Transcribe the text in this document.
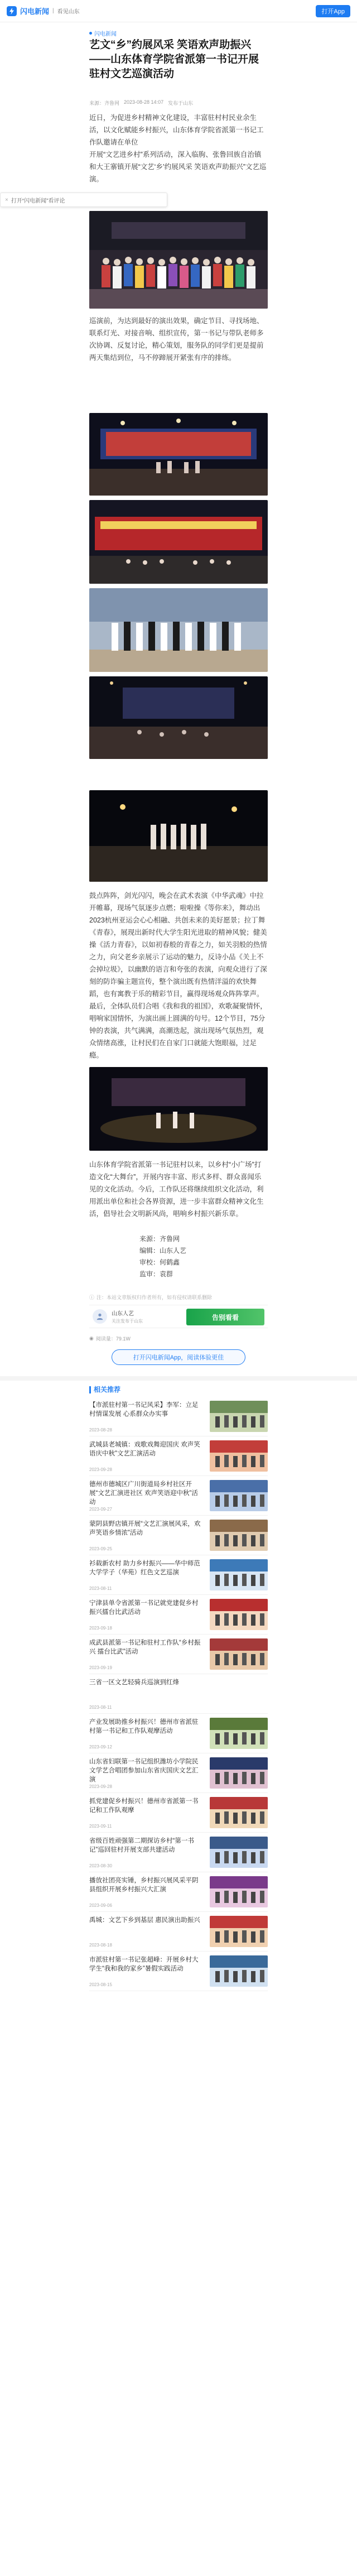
闪电新闻 | 看见山东	打开App
闪电新闻
艺文“乡”约展风采 笑语欢声助振兴——山东体育学院省派第一书记开展驻村文艺巡演活动
来源：齐鲁网 2023-08-28 14:07 发布于山东

近日，为促进乡村精神文化建设，丰富驻村村民业余生活，以文化赋能乡村振兴，山东体育学院省派第一书记工作队邀请在单位

开展“文艺进乡村”系列活动，深入临朐、张鲁回族自治镇和大王寨镇开展“文艺‘乡’约展风采 笑语欢声助振兴”文艺巡演。

× 打开“闪电新闻”看评论

巡演前，为达到最好的演出效果，确定节目、寻找场地、联系灯光、对接音响、组织宣传，第一书记与带队老师多次协调、反复讨论，精心策划，服务队的同学们更是提前两天集结到位，马不停蹄展开紧张有序的排练。

鼓点阵阵，剑光闪闪，晚会在武术表演《中华武魂》中拉开帷幕，现场气氛逐步点燃；啦啦操《等你来》，舞动出2023杭州亚运会心心相融、共创未来的美好愿景；拉丁舞《青春》，展现出新时代大学生阳光进取的精神风貌；健美操《活力青春》，以如初春般的青春之力，如关羽般的热情之力，向父老乡亲展示了运动的魅力，反诗小品《关上不会掉垃圾》，以幽默的语言和夸张的表演，向观众进行了深刻的防诈骗主题宣传，整个演出既有热情洋溢的欢快舞蹈，也有寓教于乐的精彩节目，赢得现场观众阵阵掌声。最后，全体队员们合唱《我和我的祖国》，欢歌凝聚情怀，唱响家国情怀，为演出画上圆满的句号。12个节目，75分钟的表演，共气满满，高潮迭起，演出现场气氛热烈，观众情绪高涨，让村民们在自家门口就能大饱眼福，过足瘾。

山东体育学院省派第一书记驻村以来，以乡村“小广场”打造文化“大舞台”，开展内容丰富、形式多样、群众喜闻乐见的文化活动。今后，工作队还将继续组织文化活动，利用派出单位和社会各界资源，进一步丰富群众精神文化生活，倡导社会文明新风尚，唱响乡村振兴新乐章。

来源：齐鲁网
编辑：山东人艺
审校：何鹤鑫
监审：袁群
ⓘ 注：本站文章版权归作者所有，如有侵权请联系删除
山东人艺
关注发布于山东	告别看看
◉ 阅读量：79.1W
打开闪电新闻App，阅读体验更佳
相关推荐
【市派驻村第一书记风采】李军：立足村情谋发展 心系群众办实事
2023-08-28
武城县老城镇：戏歌戏舞迎国庆 欢声笑语庆中秋”文艺汇演活动
2023-09-28
德州市德城区广川街道局乡村社区开展“文艺汇演进社区 欢声笑语迎中秋”活动
2023-09-27
蒙阴县野店镇开展“文艺汇演展风采，欢声笑语乡情浓”活动
2023-09-25
衫载新农村 助力乡村振兴——华中师范大学学子（华苑）红色文艺巡演
2023-08-11
宁津县单令省派第一书记就党建促乡村振兴擂台比武活动
2023-09-18
成武县派第一书记和驻村工作队“乡村振兴 擂台比武”活动
2023-09-19
三省一区文艺轻骑兵巡演到红烽
2023-08-11
产业发展助推乡村振兴！德州市省派驻村第一书记和工作队观摩活动
2023-09-12
山东省妇联第一书记组织潍坊小学院民文学艺合唱团参加山东省庆国庆文艺汇演
2023-09-28
抓党建促乡村振兴！德州市省派第一书记和工作队观摩
2023-09-11
省级百姓顽强第二期探访乡村“第一书记”巡回驻村开展支部共建活动
2023-08-30
播放社团亮实锤，乡村振兴展风采平阴县组织开展乡村振兴大汇演
2023-09-06
禹城：文艺下乡到基层 惠民演出助振兴
2023-08-18
市派驻村第一书记张超峰：开展乡村大学生“我和我的家乡”暑假实践活动
2023-08-15
